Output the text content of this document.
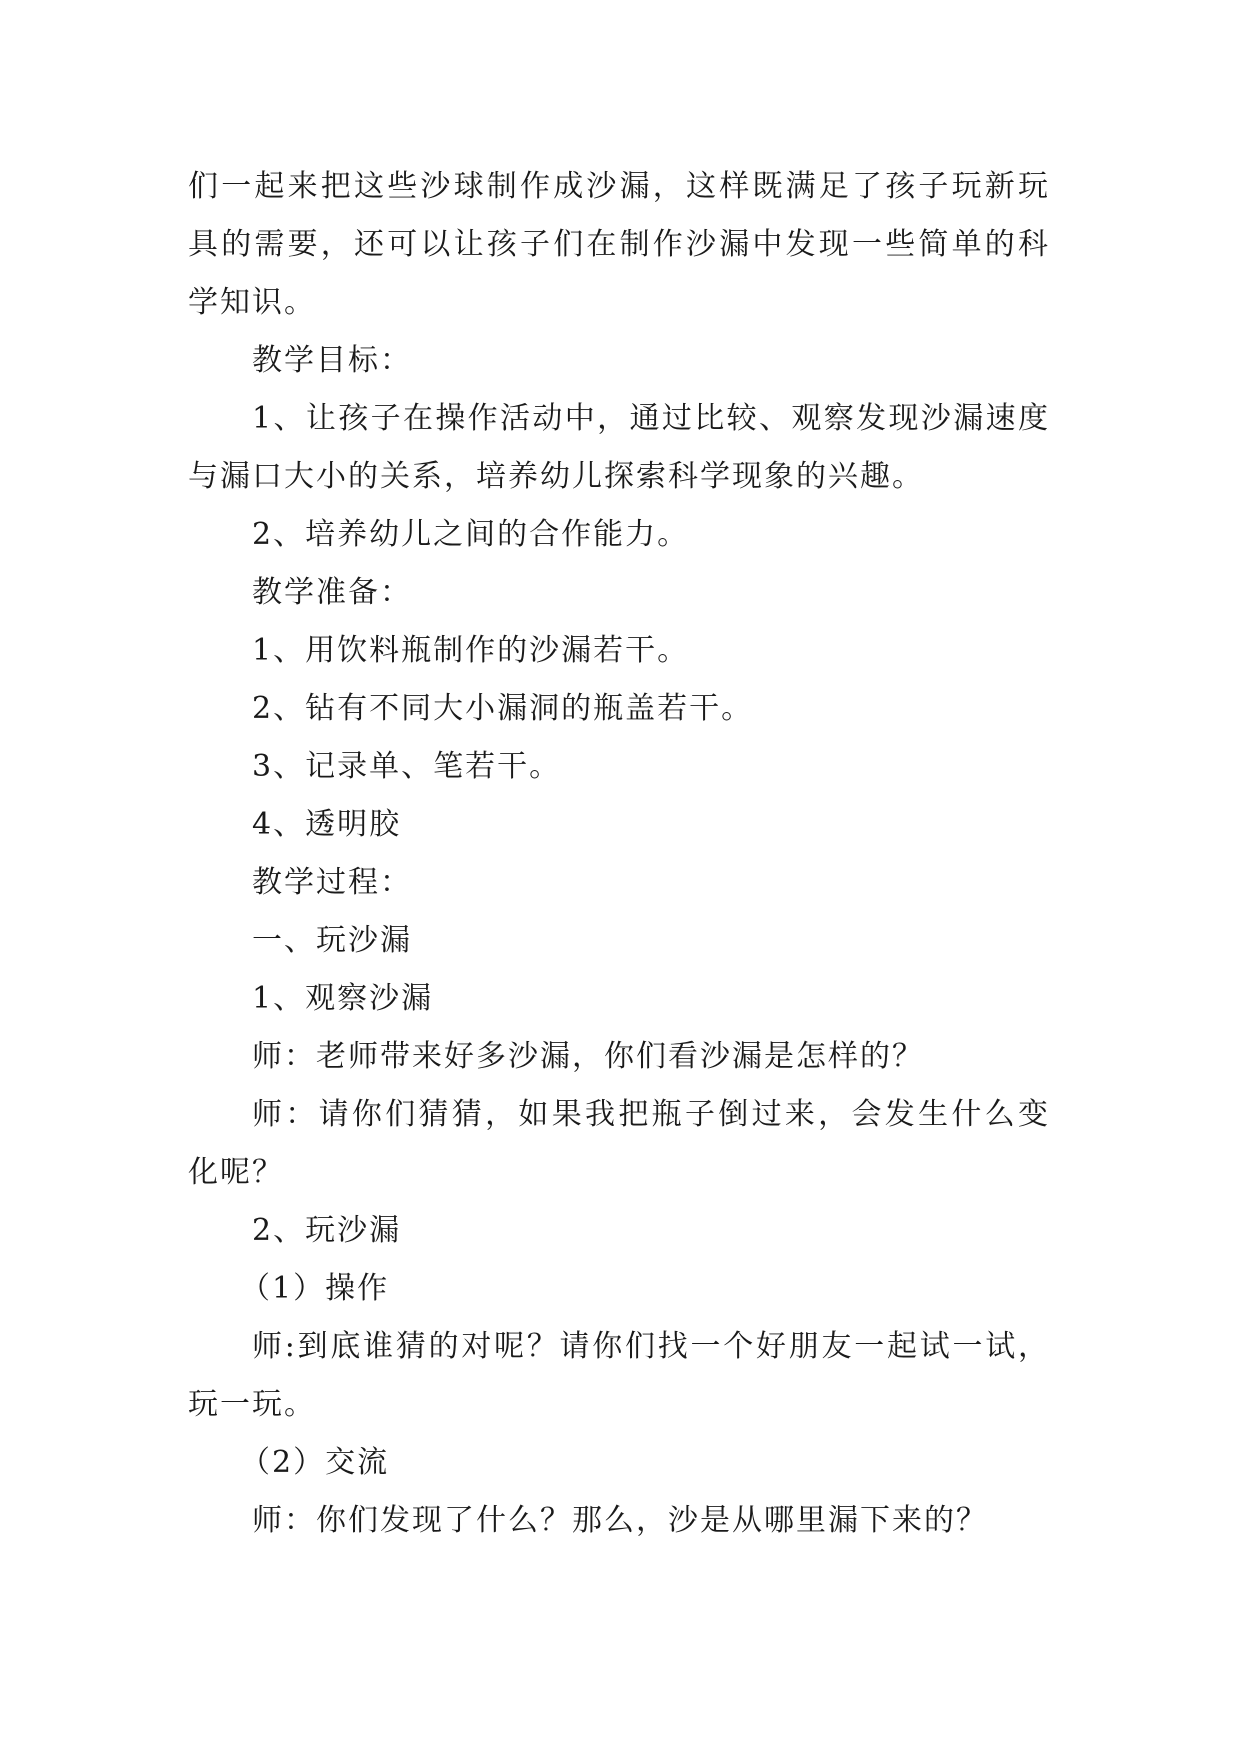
们一起来把这些沙球制作成沙漏，这样既满足了孩子玩新玩具的需要，还可以让孩子们在制作沙漏中发现一些简单的科学知识。

教学目标：

1、让孩子在操作活动中，通过比较、观察发现沙漏速度与漏口大小的关系，培养幼儿探索科学现象的兴趣。

2、培养幼儿之间的合作能力。

教学准备：

1、用饮料瓶制作的沙漏若干。

2、钻有不同大小漏洞的瓶盖若干。

3、记录单、笔若干。

4、透明胶

教学过程：

一、玩沙漏

1、观察沙漏

师：老师带来好多沙漏，你们看沙漏是怎样的？

师：请你们猜猜，如果我把瓶子倒过来，会发生什么变化呢？

2、玩沙漏

（1）操作

师:到底谁猜的对呢？请你们找一个好朋友一起试一试，玩一玩。

（2）交流

师：你们发现了什么？那么，沙是从哪里漏下来的？
